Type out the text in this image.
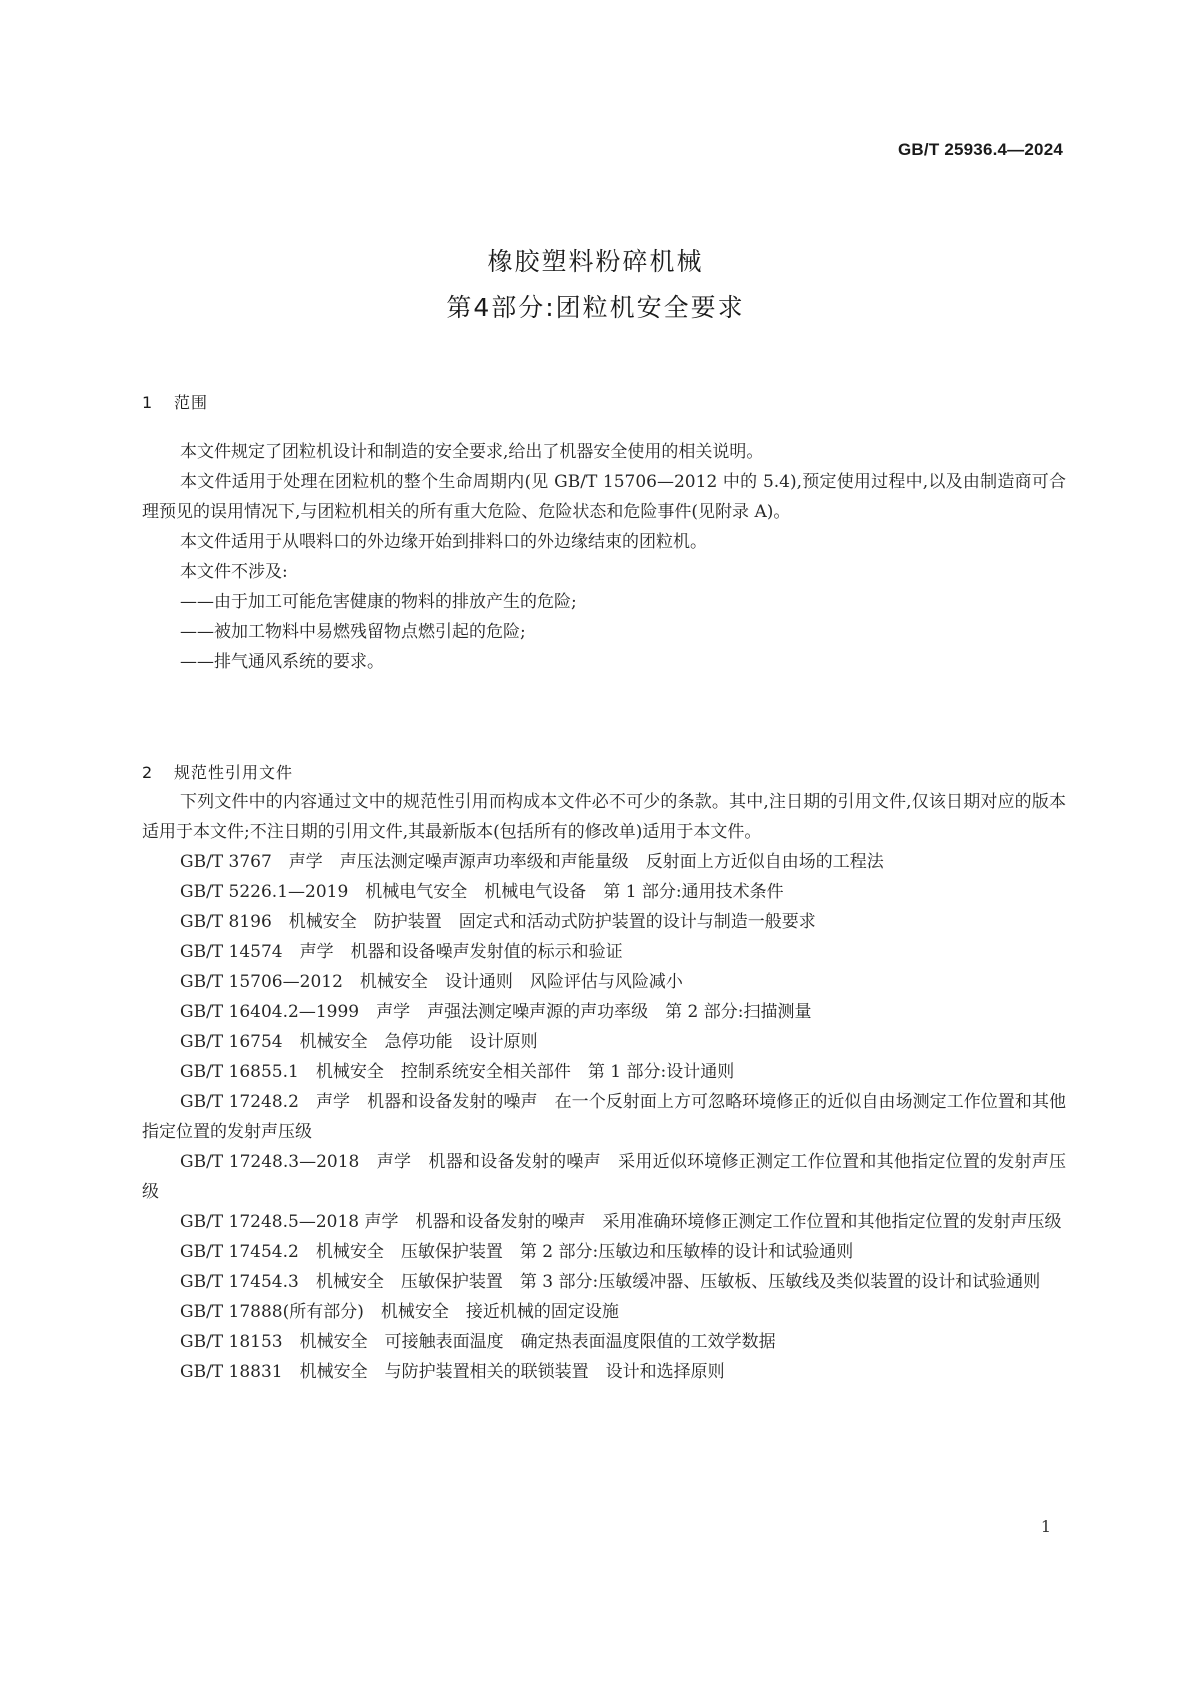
GB/T 25936.4—2024
橡胶塑料粉碎机械
第4部分:团粒机安全要求
1 范围

本文件规定了团粒机设计和制造的安全要求,给出了机器安全使用的相关说明。

本文件适用于处理在团粒机的整个生命周期内(见 GB/T 15706—2012 中的 5.4),预定使用过程中,以及由制造商可合理预见的误用情况下,与团粒机相关的所有重大危险、危险状态和危险事件(见附录 A)。

本文件适用于从喂料口的外边缘开始到排料口的外边缘结束的团粒机。

本文件不涉及:

——由于加工可能危害健康的物料的排放产生的危险;

——被加工物料中易燃残留物点燃引起的危险;

——排气通风系统的要求。

2 规范性引用文件

下列文件中的内容通过文中的规范性引用而构成本文件必不可少的条款。其中,注日期的引用文件,仅该日期对应的版本适用于本文件;不注日期的引用文件,其最新版本(包括所有的修改单)适用于本文件。

GB/T 3767　声学　声压法测定噪声源声功率级和声能量级　反射面上方近似自由场的工程法

GB/T 5226.1—2019　机械电气安全　机械电气设备　第 1 部分:通用技术条件

GB/T 8196　机械安全　防护装置　固定式和活动式防护装置的设计与制造一般要求

GB/T 14574　声学　机器和设备噪声发射值的标示和验证

GB/T 15706—2012　机械安全　设计通则　风险评估与风险减小

GB/T 16404.2—1999　声学　声强法测定噪声源的声功率级　第 2 部分:扫描测量

GB/T 16754　机械安全　急停功能　设计原则

GB/T 16855.1　机械安全　控制系统安全相关部件　第 1 部分:设计通则

GB/T 17248.2　声学　机器和设备发射的噪声　在一个反射面上方可忽略环境修正的近似自由场测定工作位置和其他指定位置的发射声压级

GB/T 17248.3—2018　声学　机器和设备发射的噪声　采用近似环境修正测定工作位置和其他指定位置的发射声压级

GB/T 17248.5—2018 声学　机器和设备发射的噪声　采用准确环境修正测定工作位置和其他指定位置的发射声压级

GB/T 17454.2　机械安全　压敏保护装置　第 2 部分:压敏边和压敏棒的设计和试验通则

GB/T 17454.3　机械安全　压敏保护装置　第 3 部分:压敏缓冲器、压敏板、压敏线及类似装置的设计和试验通则

GB/T 17888(所有部分)　机械安全　接近机械的固定设施

GB/T 18153　机械安全　可接触表面温度　确定热表面温度限值的工效学数据

GB/T 18831　机械安全　与防护装置相关的联锁装置　设计和选择原则

1
